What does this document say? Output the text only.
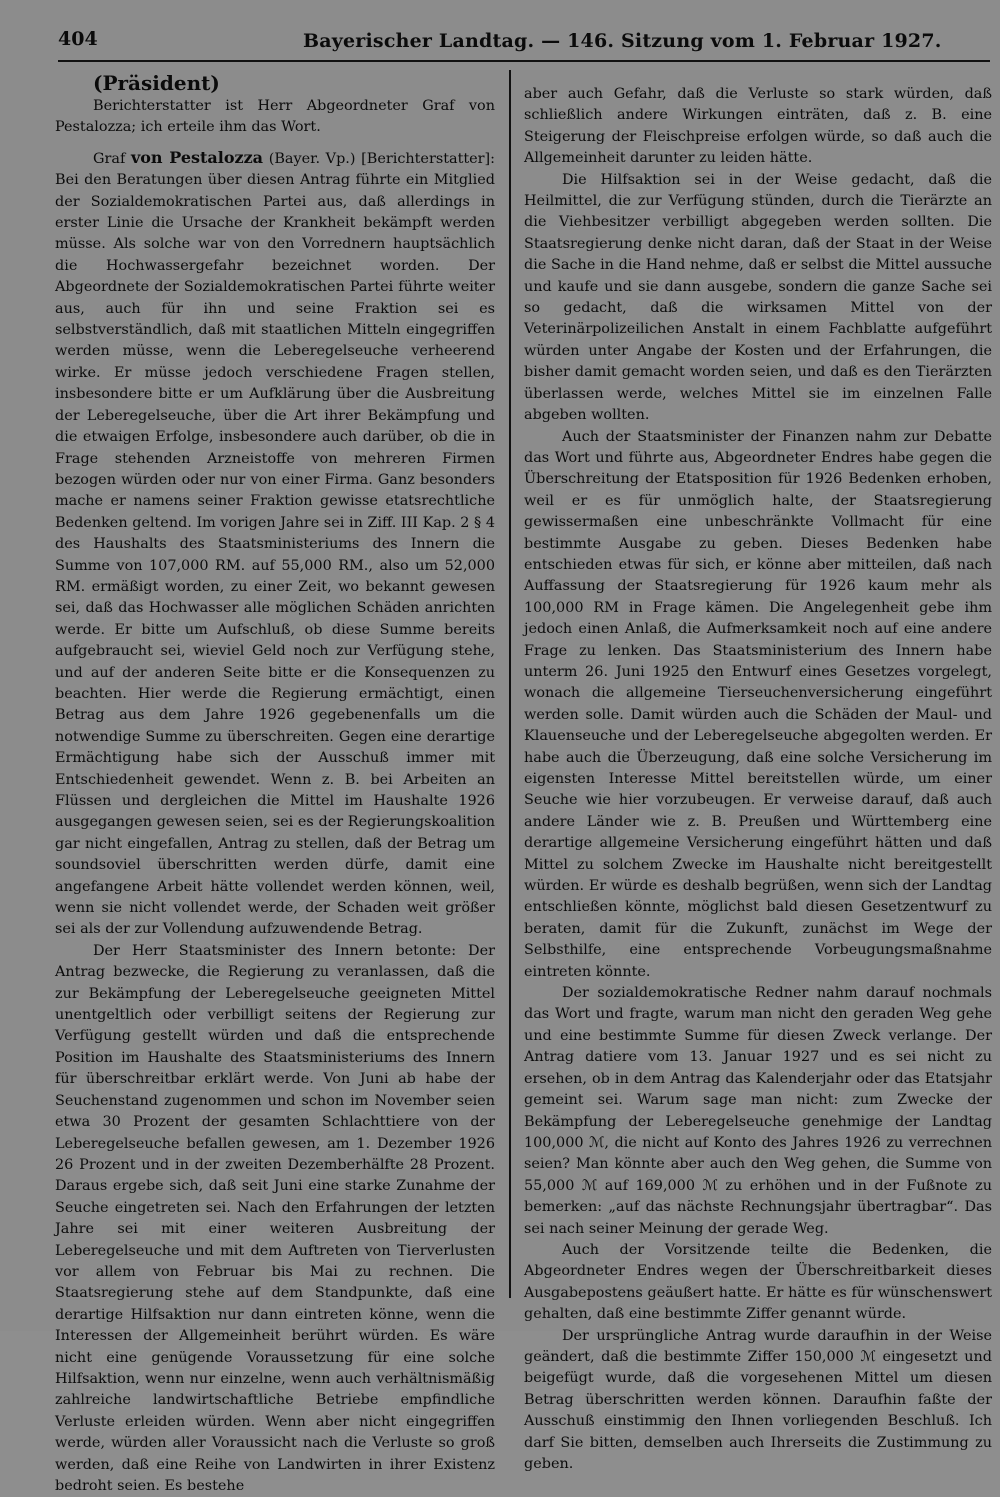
404	Bayerischer Landtag. — 146. Sitzung vom 1. Februar 1927.

(Präsident)

Berichterstatter ist Herr Abgeordneter Graf von Pestalozza; ich erteile ihm das Wort.

Graf von Pestalozza (Bayer. Vp.) [Berichterstatter]: Bei den Beratungen über diesen Antrag führte ein Mitglied der Sozialdemokratischen Partei aus, daß allerdings in erster Linie die Ursache der Krankheit bekämpft werden müsse. Als solche war von den Vorrednern hauptsächlich die Hochwassergefahr bezeichnet worden. Der Abgeordnete der Sozialdemokratischen Partei führte weiter aus, auch für ihn und seine Fraktion sei es selbstverständlich, daß mit staatlichen Mitteln eingegriffen werden müsse, wenn die Leberegelseuche verheerend wirke. Er müsse jedoch verschiedene Fragen stellen, insbesondere bitte er um Aufklärung über die Ausbreitung der Leberegelseuche, über die Art ihrer Bekämpfung und die etwaigen Erfolge, insbesondere auch darüber, ob die in Frage stehenden Arzneistoffe von mehreren Firmen bezogen würden oder nur von einer Firma. Ganz besonders mache er namens seiner Fraktion gewisse etatsrechtliche Bedenken geltend. Im vorigen Jahre sei in Ziff. III Kap. 2 § 4 des Haushalts des Staatsministeriums des Innern die Summe von 107,000 RM. auf 55,000 RM., also um 52,000 RM. ermäßigt worden, zu einer Zeit, wo bekannt gewesen sei, daß das Hochwasser alle möglichen Schäden anrichten werde. Er bitte um Aufschluß, ob diese Summe bereits aufgebraucht sei, wieviel Geld noch zur Verfügung stehe, und auf der anderen Seite bitte er die Konsequenzen zu beachten. Hier werde die Regierung ermächtigt, einen Betrag aus dem Jahre 1926 gegebenenfalls um die notwendige Summe zu überschreiten. Gegen eine derartige Ermächtigung habe sich der Ausschuß immer mit Entschiedenheit gewendet. Wenn z. B. bei Arbeiten an Flüssen und dergleichen die Mittel im Haushalte 1926 ausgegangen gewesen seien, sei es der Regierungskoalition gar nicht eingefallen, Antrag zu stellen, daß der Betrag um soundsoviel überschritten werden dürfe, damit eine angefangene Arbeit hätte vollendet werden können, weil, wenn sie nicht vollendet werde, der Schaden weit größer sei als der zur Vollendung aufzuwendende Betrag.

Der Herr Staatsminister des Innern betonte: Der Antrag bezwecke, die Regierung zu veranlassen, daß die zur Bekämpfung der Leberegelseuche geeigneten Mittel unentgeltlich oder verbilligt seitens der Regierung zur Verfügung gestellt würden und daß die entsprechende Position im Haushalte des Staatsministeriums des Innern für überschreitbar erklärt werde. Von Juni ab habe der Seuchenstand zugenommen und schon im November seien etwa 30 Prozent der gesamten Schlachttiere von der Leberegelseuche befallen gewesen, am 1. Dezember 1926 26 Prozent und in der zweiten Dezemberhälfte 28 Prozent. Daraus ergebe sich, daß seit Juni eine starke Zunahme der Seuche eingetreten sei. Nach den Erfahrungen der letzten Jahre sei mit einer weiteren Ausbreitung der Leberegelseuche und mit dem Auftreten von Tierverlusten vor allem von Februar bis Mai zu rechnen. Die Staatsregierung stehe auf dem Standpunkte, daß eine derartige Hilfsaktion nur dann eintreten könne, wenn die Interessen der Allgemeinheit berührt würden. Es wäre nicht eine genügende Voraussetzung für eine solche Hilfsaktion, wenn nur einzelne, wenn auch verhältnismäßig zahlreiche landwirtschaftliche Betriebe empfindliche Verluste erleiden würden. Wenn aber nicht eingegriffen werde, würden aller Voraussicht nach die Verluste so groß werden, daß eine Reihe von Landwirten in ihrer Existenz bedroht seien. Es bestehe

aber auch Gefahr, daß die Verluste so stark würden, daß schließlich andere Wirkungen einträten, daß z. B. eine Steigerung der Fleischpreise erfolgen würde, so daß auch die Allgemeinheit darunter zu leiden hätte.

Die Hilfsaktion sei in der Weise gedacht, daß die Heilmittel, die zur Verfügung stünden, durch die Tierärzte an die Viehbesitzer verbilligt abgegeben werden sollten. Die Staatsregierung denke nicht daran, daß der Staat in der Weise die Sache in die Hand nehme, daß er selbst die Mittel aussuche und kaufe und sie dann ausgebe, sondern die ganze Sache sei so gedacht, daß die wirksamen Mittel von der Veterinärpolizeilichen Anstalt in einem Fachblatte aufgeführt würden unter Angabe der Kosten und der Erfahrungen, die bisher damit gemacht worden seien, und daß es den Tierärzten überlassen werde, welches Mittel sie im einzelnen Falle abgeben wollten.

Auch der Staatsminister der Finanzen nahm zur Debatte das Wort und führte aus, Abgeordneter Endres habe gegen die Überschreitung der Etatsposition für 1926 Bedenken erhoben, weil er es für unmöglich halte, der Staatsregierung gewissermaßen eine unbeschränkte Vollmacht für eine bestimmte Ausgabe zu geben. Dieses Bedenken habe entschieden etwas für sich, er könne aber mitteilen, daß nach Auffassung der Staatsregierung für 1926 kaum mehr als 100,000 RM in Frage kämen. Die Angelegenheit gebe ihm jedoch einen Anlaß, die Aufmerksamkeit noch auf eine andere Frage zu lenken. Das Staatsministerium des Innern habe unterm 26. Juni 1925 den Entwurf eines Gesetzes vorgelegt, wonach die allgemeine Tierseuchenversicherung eingeführt werden solle. Damit würden auch die Schäden der Maul- und Klauenseuche und der Leberegelseuche abgegolten werden. Er habe auch die Überzeugung, daß eine solche Versicherung im eigensten Interesse Mittel bereitstellen würde, um einer Seuche wie hier vorzubeugen. Er verweise darauf, daß auch andere Länder wie z. B. Preußen und Württemberg eine derartige allgemeine Versicherung eingeführt hätten und daß Mittel zu solchem Zwecke im Haushalte nicht bereitgestellt würden. Er würde es deshalb begrüßen, wenn sich der Landtag entschließen könnte, möglichst bald diesen Gesetzentwurf zu beraten, damit für die Zukunft, zunächst im Wege der Selbsthilfe, eine entsprechende Vorbeugungsmaßnahme eintreten könnte.

Der sozialdemokratische Redner nahm darauf nochmals das Wort und fragte, warum man nicht den geraden Weg gehe und eine bestimmte Summe für diesen Zweck verlange. Der Antrag datiere vom 13. Januar 1927 und es sei nicht zu ersehen, ob in dem Antrag das Kalenderjahr oder das Etatsjahr gemeint sei. Warum sage man nicht: zum Zwecke der Bekämpfung der Leberegelseuche genehmige der Landtag 100,000 ℳ, die nicht auf Konto des Jahres 1926 zu verrechnen seien? Man könnte aber auch den Weg gehen, die Summe von 55,000 ℳ auf 169,000 ℳ zu erhöhen und in der Fußnote zu bemerken: „auf das nächste Rechnungsjahr übertragbar“. Das sei nach seiner Meinung der gerade Weg.

Auch der Vorsitzende teilte die Bedenken, die Abgeordneter Endres wegen der Überschreitbarkeit dieses Ausgabepostens geäußert hatte. Er hätte es für wünschenswert gehalten, daß eine bestimmte Ziffer genannt würde.

Der ursprüngliche Antrag wurde daraufhin in der Weise geändert, daß die bestimmte Ziffer 150,000 ℳ eingesetzt und beigefügt wurde, daß die vorgesehenen Mittel um diesen Betrag überschritten werden können. Daraufhin faßte der Ausschuß einstimmig den Ihnen vorliegenden Beschluß. Ich darf Sie bitten, demselben auch Ihrerseits die Zustimmung zu geben.
